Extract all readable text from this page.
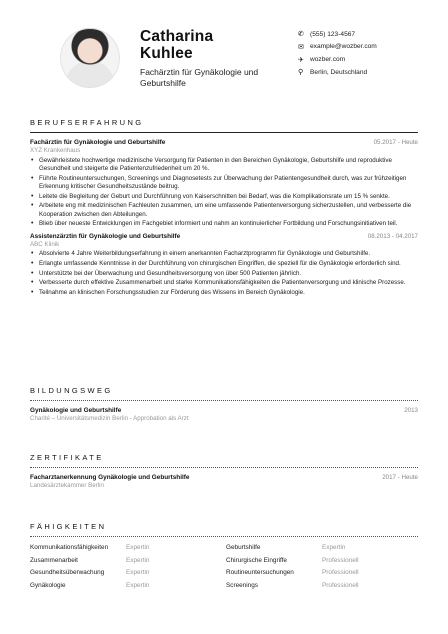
Catharina
Kuhlee
Fachärztin für Gynäkologie und Geburtshilfe
✆ (555) 123-4567
✉ example@wozber.com
✈ wozber.com
⚲	Berlin, Deutschland
BERUFSERFAHRUNG
Fachärztin für Gynäkologie und Geburtshilfe	05.2017 - Heute
XYZ Krankenhaus
• Gewährleistete hochwertige medizinische Versorgung für Patienten in den Bereichen Gynäkologie, Geburtshilfe und reproduktive Gesundheit und steigerte die Patientenzufriedenheit um 20 %.
• Führte Routineuntersuchungen, Screenings und Diagnosetests zur Überwachung der Patientengesundheit durch, was zur frühzeitigen Erkennung kritischer Gesundheitszustände beitrug.
• Leitete die Begleitung der Geburt und Durchführung von Kaiserschnitten bei Bedarf, was die Komplikationsrate um 15 % senkte.
• Arbeitete eng mit medizinischen Fachleuten zusammen, um eine umfassende Patientenversorgung sicherzustellen, und verbesserte die Kooperation zwischen den Abteilungen.
• Blieb über neueste Entwicklungen im Fachgebiet informiert und nahm an kontinuierlicher Fortbildung und Forschungsinitiativen teil.
Assistenzärztin für Gynäkologie und Geburtshilfe	08.2013 - 04.2017
ABC Klinik
• Absolvierte 4 Jahre Weiterbildungserfahrung in einem anerkannten Facharztprogramm für Gynäkologie und Geburtshilfe.
• Erlangte umfassende Kenntnisse in der Durchführung von chirurgischen Eingriffen, die speziell für die Gynäkologie erforderlich sind.
• Unterstützte bei der Überwachung und Gesundheitsversorgung von über 500 Patienten jährlich.
• Verbesserte durch effektive Zusammenarbeit und starke Kommunikationsfähigkeiten die Patientenversorgung und klinische Prozesse.
• Teilnahme an klinischen Forschungsstudien zur Förderung des Wissens im Bereich Gynäkologie.
BILDUNGSWEG
Gynäkologie und Geburtshilfe	2013
Charité – Universitätsmedizin Berlin - Approbation als Arzt
ZERTIFIKATE
Facharztanerkennung Gynäkologie und Geburtshilfe	2017 - Heute
Landesärztekammer Berlin
FÄHIGKEITEN
Kommunikationsfähigkeiten	Expertin	Geburtshilfe	Expertin
Zusammenarbeit	Expertin	Chirurgische Eingriffe	Professionell
Gesundheitsüberwachung	Expertin	Routineuntersuchungen	Professionell
Gynäkologie	Expertin	Screenings	Professionell
